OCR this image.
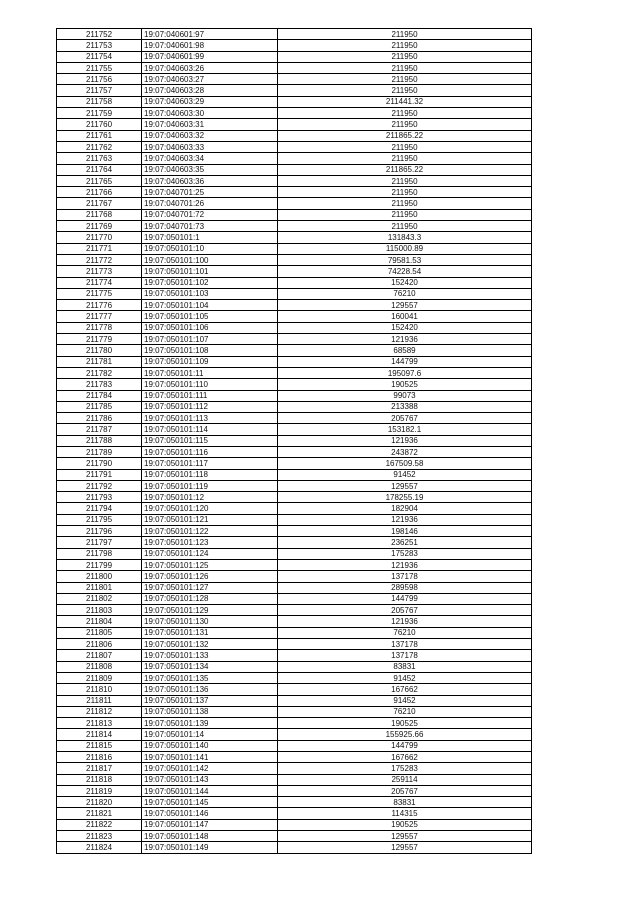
211752	19:07:040601:97	211950
211753	19:07:040601:98	211950
211754	19:07:040601:99	211950
211755	19:07:040603:26	211950
211756	19:07:040603:27	211950
211757	19:07:040603:28	211950
211758	19:07:040603:29	211441.32
211759	19:07:040603:30	211950
211760	19:07:040603:31	211950
211761	19:07:040603:32	211865.22
211762	19:07:040603:33	211950
211763	19:07:040603:34	211950
211764	19:07:040603:35	211865.22
211765	19:07:040603:36	211950
211766	19:07:040701:25	211950
211767	19:07:040701:26	211950
211768	19:07:040701:72	211950
211769	19:07:040701:73	211950
211770	19:07:050101:1	131843.3
211771	19:07:050101:10	115000.89
211772	19:07:050101:100	79581.53
211773	19:07:050101:101	74228.54
211774	19:07:050101:102	152420
211775	19:07:050101:103	76210
211776	19:07:050101:104	129557
211777	19:07:050101:105	160041
211778	19:07:050101:106	152420
211779	19:07:050101:107	121936
211780	19:07:050101:108	68589
211781	19:07:050101:109	144799
211782	19:07:050101:11	195097.6
211783	19:07:050101:110	190525
211784	19:07:050101:111	99073
211785	19:07:050101:112	213388
211786	19:07:050101:113	205767
211787	19:07:050101:114	153182.1
211788	19:07:050101:115	121936
211789	19:07:050101:116	243872
211790	19:07:050101:117	167509.58
211791	19:07:050101:118	91452
211792	19:07:050101:119	129557
211793	19:07:050101:12	178255.19
211794	19:07:050101:120	182904
211795	19:07:050101:121	121936
211796	19:07:050101:122	198146
211797	19:07:050101:123	236251
211798	19:07:050101:124	175283
211799	19:07:050101:125	121936
211800	19:07:050101:126	137178
211801	19:07:050101:127	289598
211802	19:07:050101:128	144799
211803	19:07:050101:129	205767
211804	19:07:050101:130	121936
211805	19:07:050101:131	76210
211806	19:07:050101:132	137178
211807	19:07:050101:133	137178
211808	19:07:050101:134	83831
211809	19:07:050101:135	91452
211810	19:07:050101:136	167662
211811	19:07:050101:137	91452
211812	19:07:050101:138	76210
211813	19:07:050101:139	190525
211814	19:07:050101:14	155925.66
211815	19:07:050101:140	144799
211816	19:07:050101:141	167662
211817	19:07:050101:142	175283
211818	19:07:050101:143	259114
211819	19:07:050101:144	205767
211820	19:07:050101:145	83831
211821	19:07:050101:146	114315
211822	19:07:050101:147	190525
211823	19:07:050101:148	129557
211824	19:07:050101:149	129557
